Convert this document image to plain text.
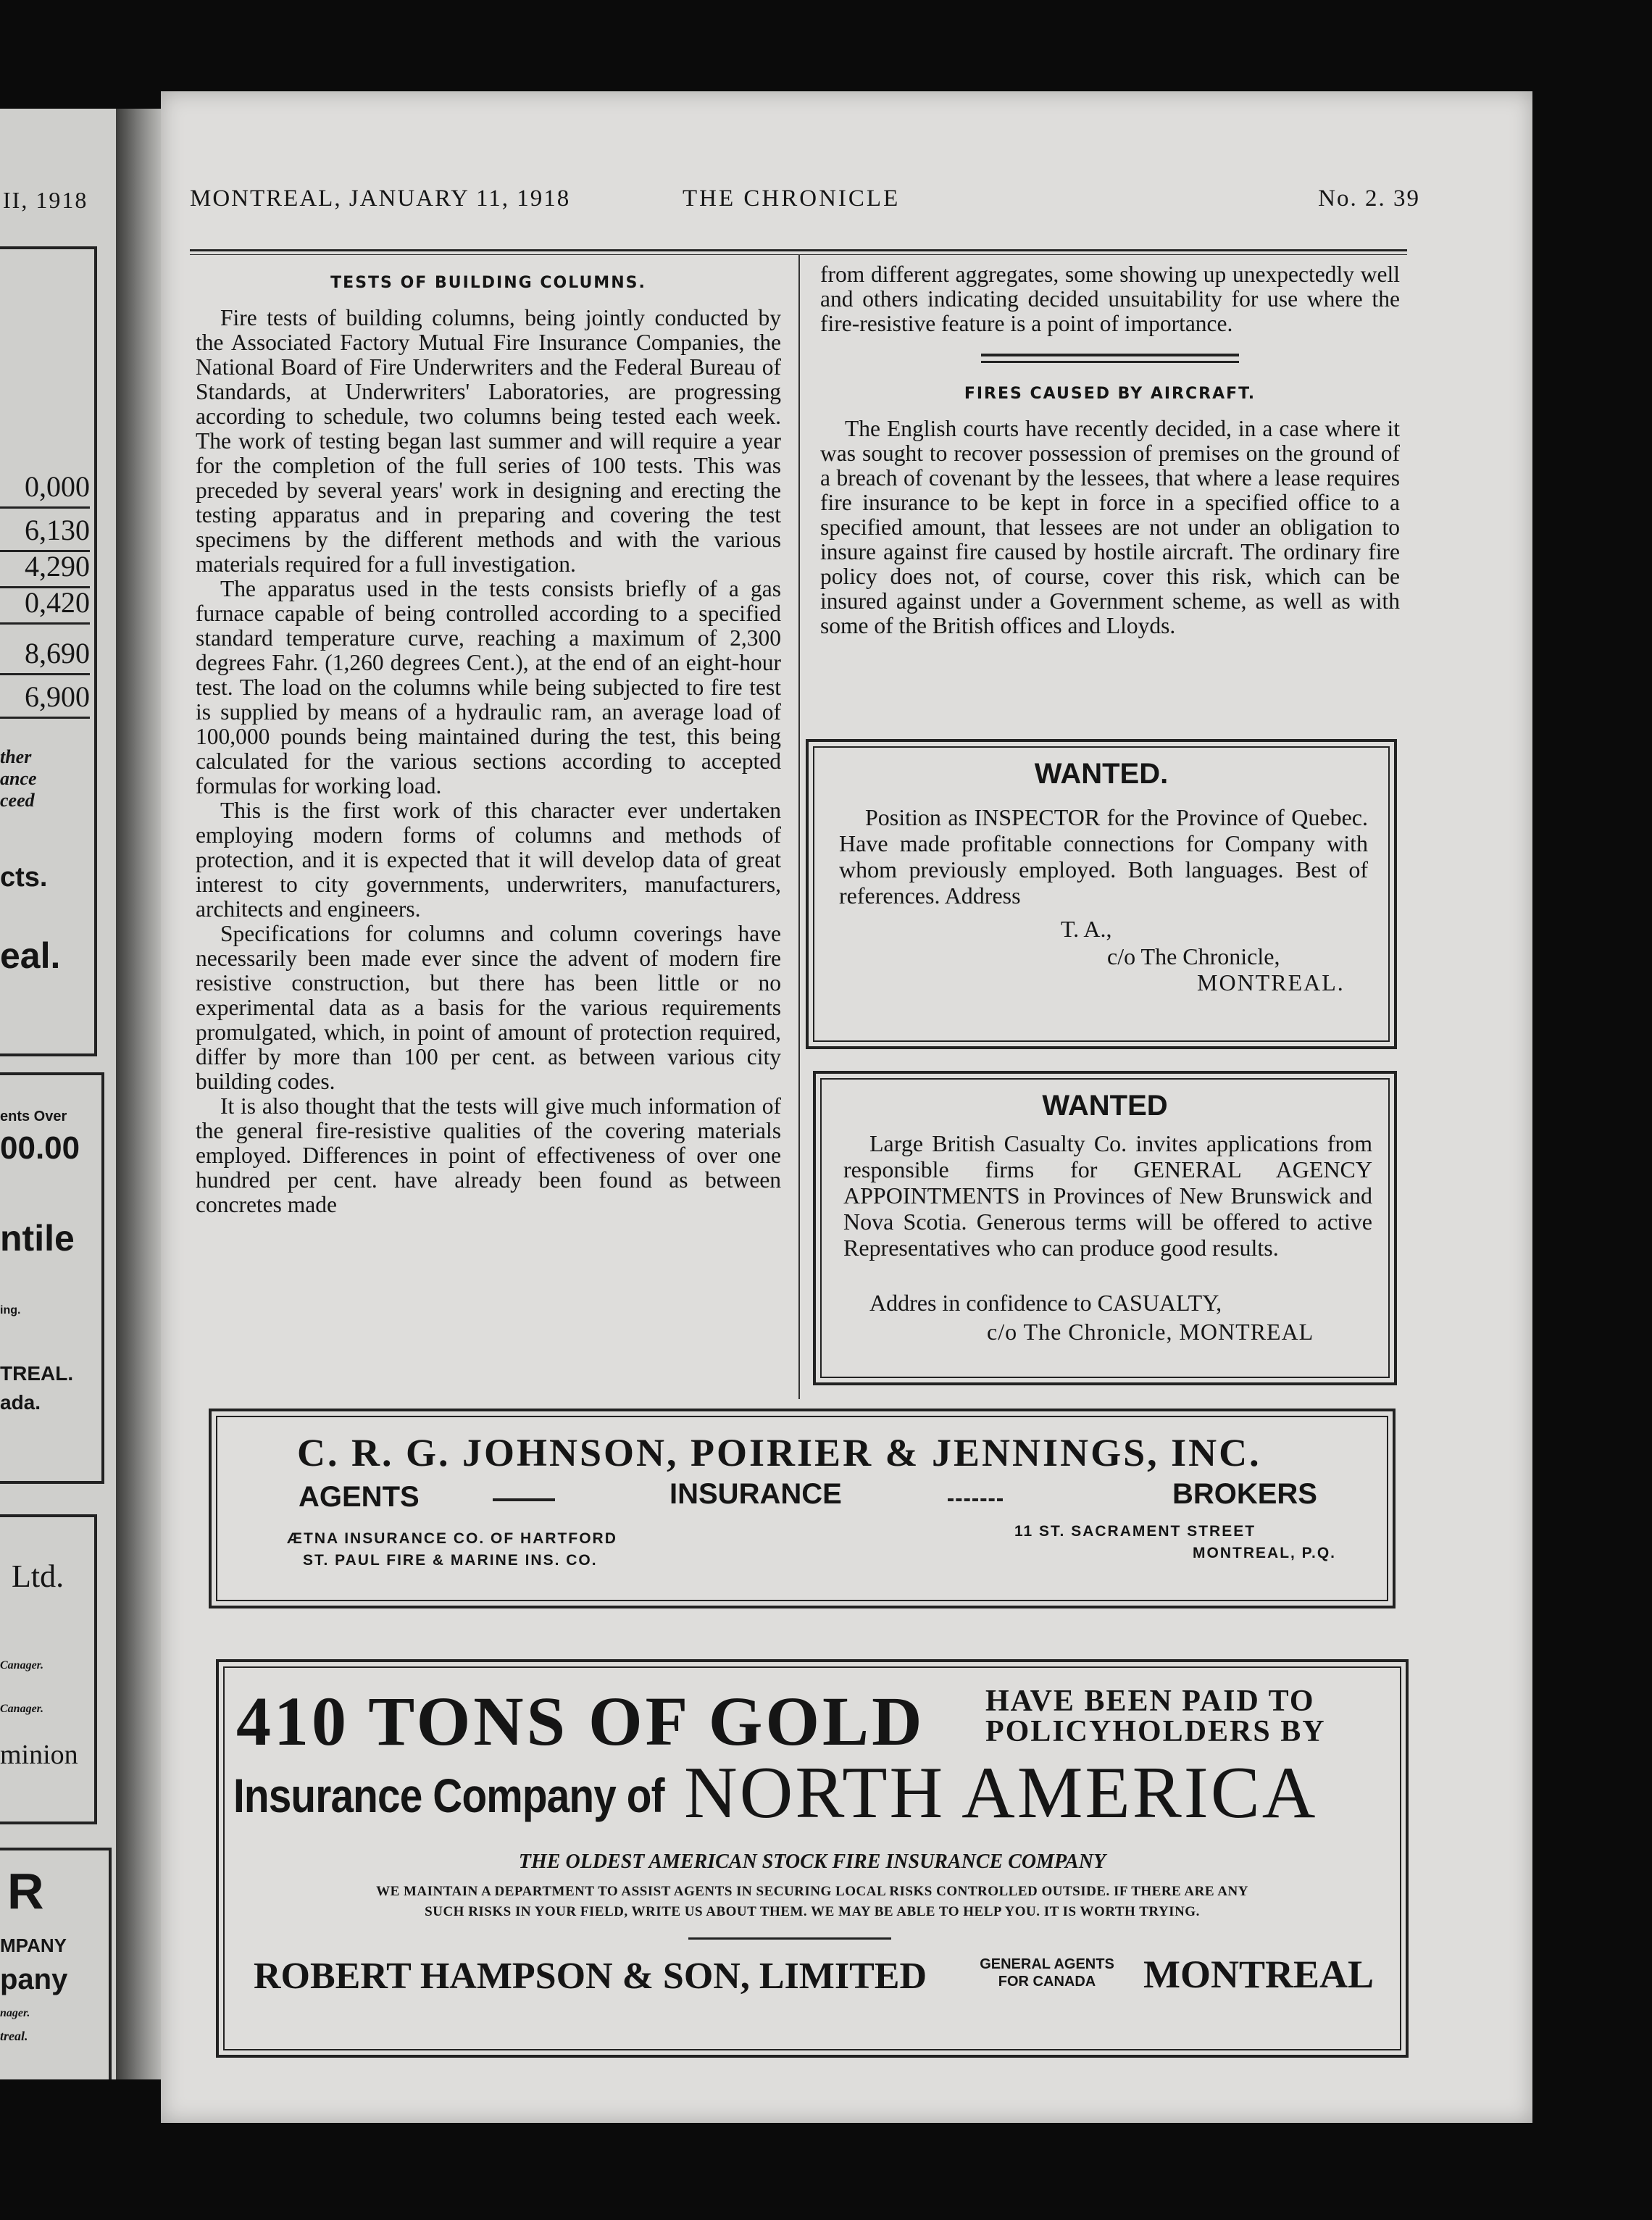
II, 1918
0,000
6,130
4,290
0,420
8,690
6,900
ther
ance
ceed
cts.
eal.
ents Over
00.00
ntile
ing.
TREAL.
ada.
Ltd.
Canager.
Canager.
minion
R
MPANY
pany
nager.
treal.
MONTREAL, JANUARY 11, 1918	THE CHRONICLE	No. 2. 39
TESTS OF BUILDING COLUMNS.

Fire tests of building columns, being jointly conducted by the Associated Factory Mutual Fire Insurance Companies, the National Board of Fire Underwriters and the Federal Bureau of Standards, at Underwriters' Laboratories, are progressing according to schedule, two columns being tested each week. The work of testing began last summer and will require a year for the completion of the full series of 100 tests. This was preceded by several years' work in designing and erecting the testing apparatus and in preparing and covering the test specimens by the different methods and with the various materials required for a full investigation.

The apparatus used in the tests consists briefly of a gas furnace capable of being controlled according to a specified standard temperature curve, reaching a maximum of 2,300 degrees Fahr. (1,260 degrees Cent.), at the end of an eight-hour test. The load on the columns while being subjected to fire test is supplied by means of a hydraulic ram, an average load of 100,000 pounds being maintained during the test, this being calculated for the various sections according to accepted formulas for working load.

This is the first work of this character ever undertaken employing modern forms of columns and methods of protection, and it is expected that it will develop data of great interest to city governments, underwriters, manufacturers, architects and engineers.

Specifications for columns and column coverings have necessarily been made ever since the advent of modern fire resistive construction, but there has been little or no experimental data as a basis for the various requirements promulgated, which, in point of amount of protection required, differ by more than 100 per cent. as between various city building codes.

It is also thought that the tests will give much information of the general fire-resistive qualities of the covering materials employed. Differences in point of effectiveness of over one hundred per cent. have already been found as between concretes made

from different aggregates, some showing up unexpectedly well and others indicating decided unsuitability for use where the fire-resistive feature is a point of importance.
FIRES CAUSED BY AIRCRAFT.

The English courts have recently decided, in a case where it was sought to recover possession of premises on the ground of a breach of covenant by the lessees, that where a lease requires fire insurance to be kept in force in a specified office to a specified amount, that lessees are not under an obligation to insure against fire caused by hostile aircraft. The ordinary fire policy does not, of course, cover this risk, which can be insured against under a Government scheme, as well as with some of the British offices and Lloyds.

WANTED.
Position as INSPECTOR for the Province of Quebec. Have made profitable connections for Company with whom previously employed. Both languages. Best of references. Address
T. A.,
c/o The Chronicle,
MONTREAL.
WANTED
Large British Casualty Co. invites applications from responsible firms for GENERAL AGENCY APPOINTMENTS in Provinces of New Brunswick and Nova Scotia. Generous terms will be offered to active Representatives who can produce good results.
Addres in confidence to CASUALTY,
c/o The Chronicle, MONTREAL
C. R. G. JOHNSON, POIRIER & JENNINGS, INC.
AGENTS	INSURANCE	BROKERS
ÆTNA INSURANCE CO. OF HARTFORD
ST. PAUL FIRE & MARINE INS. CO.
11 ST. SACRAMENT STREET
MONTREAL, P.Q.
410 TONS OF GOLD HAVE BEEN PAID TO
POLICYHOLDERS BY
Insurance Company of NORTH AMERICA
THE OLDEST AMERICAN STOCK FIRE INSURANCE COMPANY
WE MAINTAIN A DEPARTMENT TO ASSIST AGENTS IN SECURING LOCAL RISKS CONTROLLED OUTSIDE. IF THERE ARE ANY
SUCH RISKS IN YOUR FIELD, WRITE US ABOUT THEM. WE MAY BE ABLE TO HELP YOU. IT IS WORTH TRYING.
ROBERT HAMPSON & SON, LIMITED	GENERAL AGENTS
FOR CANADA	MONTREAL
